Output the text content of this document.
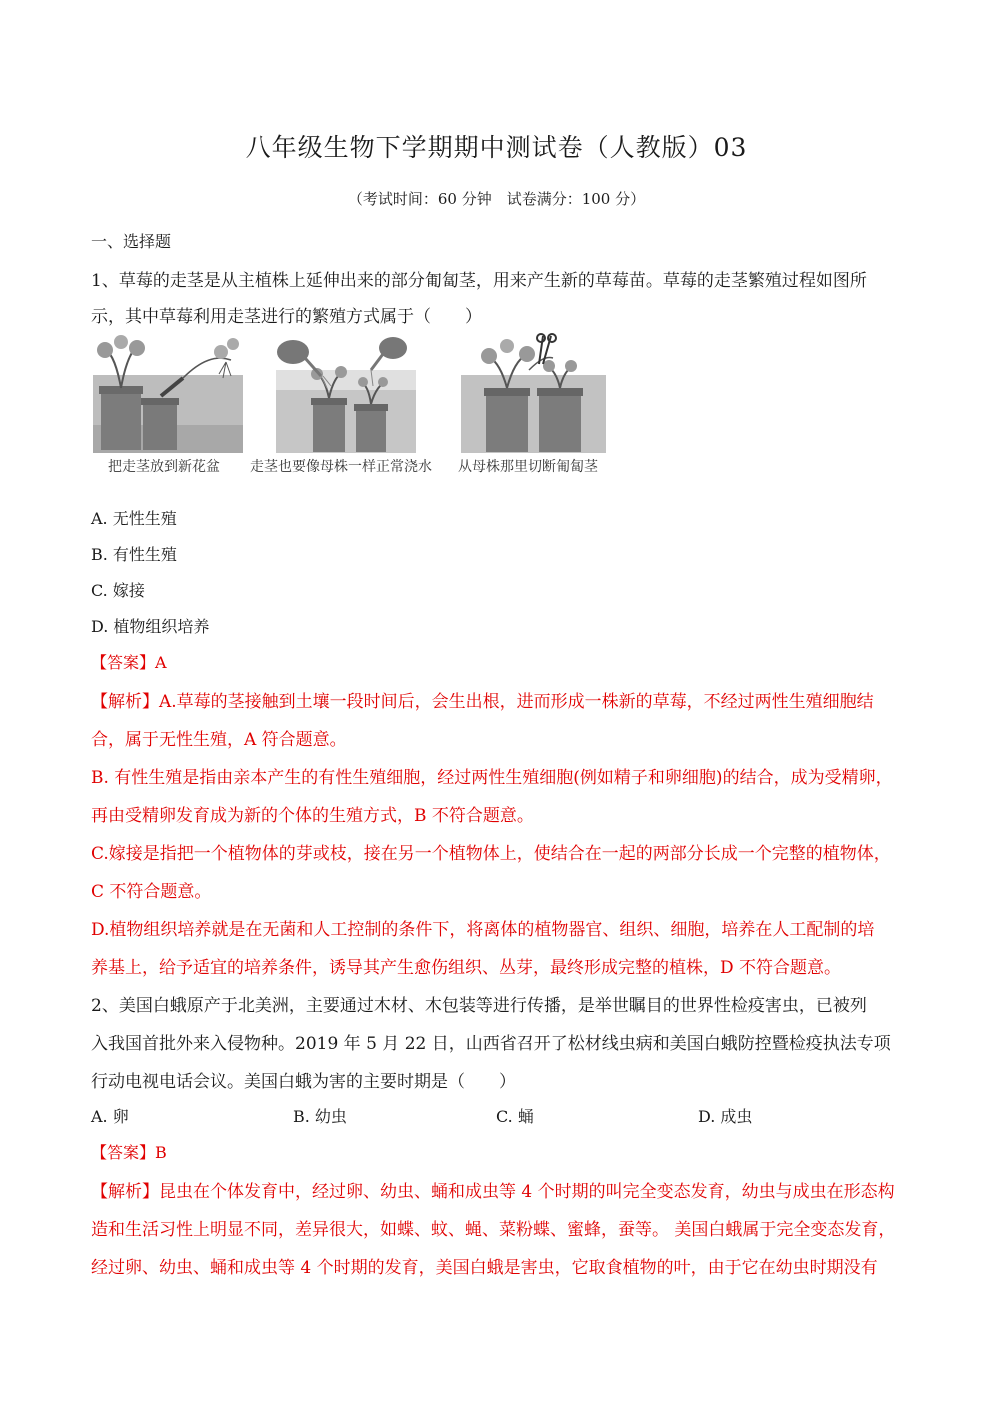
八年级生物下学期期中测试卷（人教版）03
（考试时间：60 分钟　试卷满分：100 分）
一、选择题
1、草莓的走茎是从主植株上延伸出来的部分匍匐茎，用来产生新的草莓苗。草莓的走茎繁殖过程如图所
示，其中草莓利用走茎进行的繁殖方式属于（　　）
把走茎放到新花盆 走茎也要像母株一样正常浇水 从母株那里切断匍匐茎
A. 无性生殖
B. 有性生殖
C. 嫁接
D. 植物组织培养
【答案】A
【解析】A.草莓的茎接触到土壤一段时间后，会生出根，进而形成一株新的草莓，不经过两性生殖细胞结
合，属于无性生殖，A 符合题意。
B. 有性生殖是指由亲本产生的有性生殖细胞，经过两性生殖细胞(例如精子和卵细胞)的结合，成为受精卵，
再由受精卵发育成为新的个体的生殖方式，B 不符合题意。
C.嫁接是指把一个植物体的芽或枝，接在另一个植物体上，使结合在一起的两部分长成一个完整的植物体，
C 不符合题意。
D.植物组织培养就是在无菌和人工控制的条件下，将离体的植物器官、组织、细胞，培养在人工配制的培
养基上，给予适宜的培养条件，诱导其产生愈伤组织、丛芽，最终形成完整的植株，D 不符合题意。
2、美国白蛾原产于北美洲，主要通过木材、木包装等进行传播，是举世瞩目的世界性检疫害虫，已被列
入我国首批外来入侵物种。2019 年 5 月 22 日，山西省召开了松材线虫病和美国白蛾防控暨检疫执法专项
行动电视电话会议。美国白蛾为害的主要时期是（　　）
A. 卵	B. 幼虫	C. 蛹	D. 成虫
【答案】B
【解析】昆虫在个体发育中，经过卵、幼虫、蛹和成虫等 4 个时期的叫完全变态发育，幼虫与成虫在形态构
造和生活习性上明显不同，差异很大，如蝶、蚊、蝇、菜粉蝶、蜜蜂，蚕等。 美国白蛾属于完全变态发育，
经过卵、幼虫、蛹和成虫等 4 个时期的发育，美国白蛾是害虫，它取食植物的叶，由于它在幼虫时期没有
